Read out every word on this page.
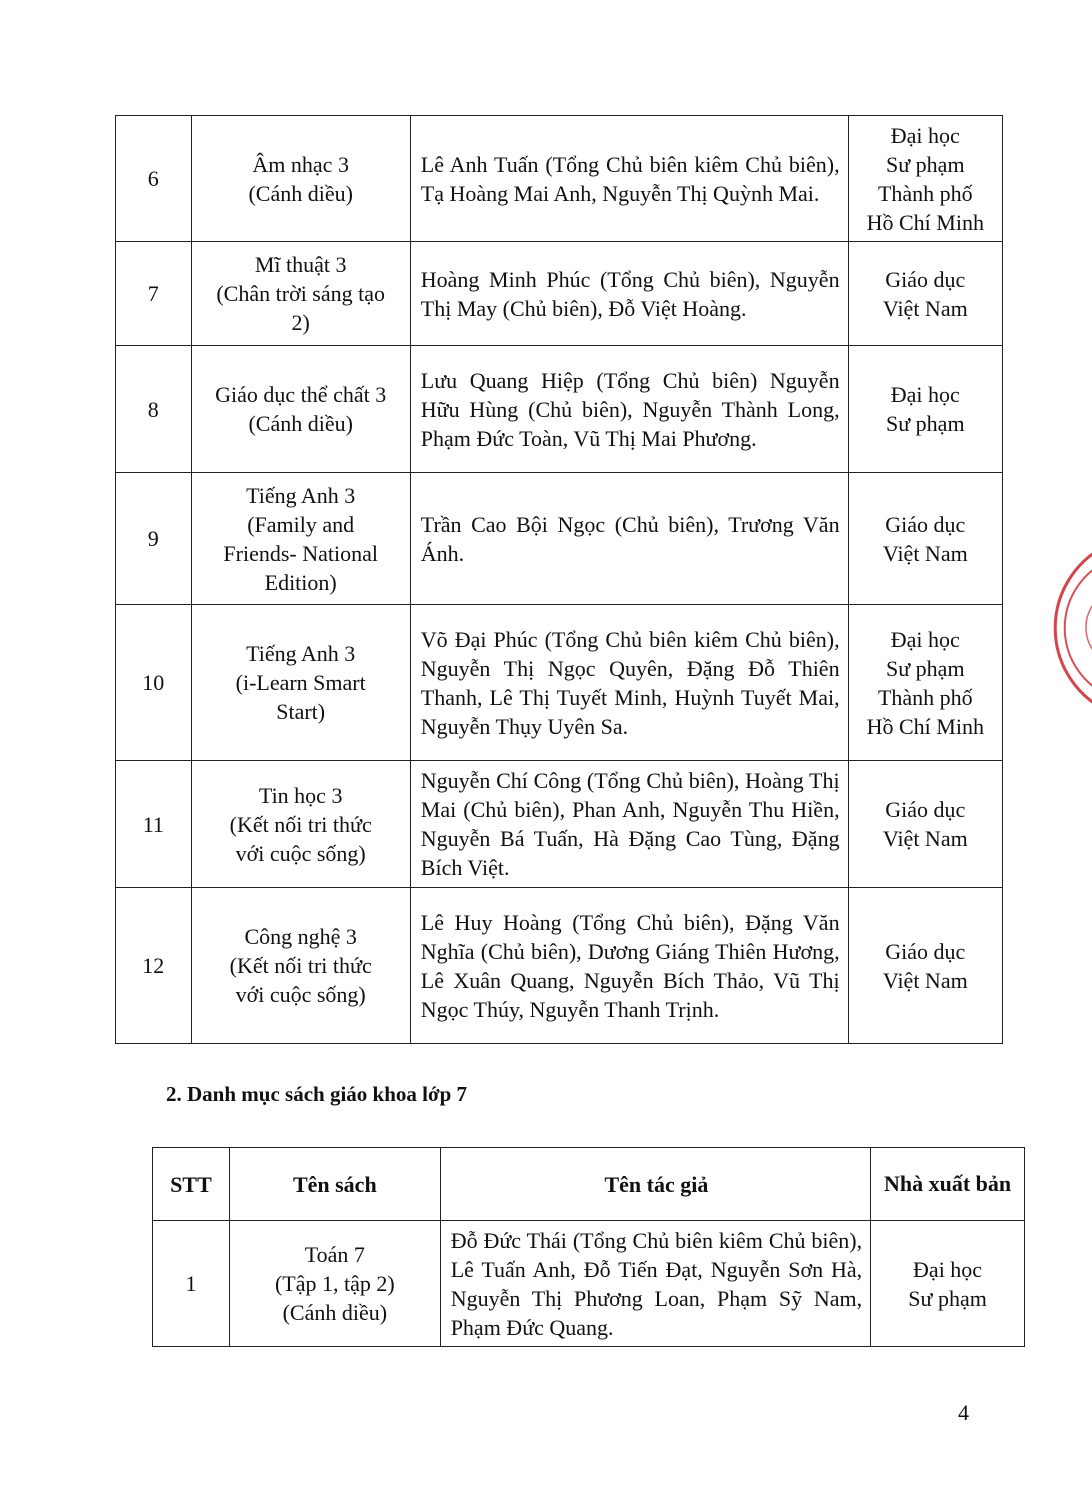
6	Âm nhạc 3
(Cánh diều)	Lê Anh Tuấn (Tổng Chủ biên kiêm Chủ biên), Tạ Hoàng Mai Anh, Nguyễn Thị Quỳnh Mai.	Đại học
Sư phạm
Thành phố
Hồ Chí Minh

7	Mĩ thuật 3
(Chân trời sáng tạo
2)	Hoàng Minh Phúc (Tổng Chủ biên), Nguyễn Thị May (Chủ biên), Đỗ Việt Hoàng.	Giáo dục
Việt Nam

8	Giáo dục thể chất 3
(Cánh diều)	Lưu Quang Hiệp (Tổng Chủ biên) Nguyễn Hữu Hùng (Chủ biên), Nguyễn Thành Long, Phạm Đức Toàn, Vũ Thị Mai Phương.	Đại học
Sư phạm

9	Tiếng Anh 3
(Family and
Friends- National
Edition)	Trần Cao Bội Ngọc (Chủ biên), Trương Văn Ánh.	Giáo dục
Việt Nam

10	Tiếng Anh 3
(i-Learn Smart
Start)	Võ Đại Phúc (Tổng Chủ biên kiêm Chủ biên), Nguyễn Thị Ngọc Quyên, Đặng Đỗ Thiên Thanh, Lê Thị Tuyết Minh, Huỳnh Tuyết Mai, Nguyễn Thụy Uyên Sa.	Đại học
Sư phạm
Thành phố
Hồ Chí Minh

11	Tin học 3
(Kết nối tri thức
với cuộc sống)	Nguyễn Chí Công (Tổng Chủ biên), Hoàng Thị Mai (Chủ biên), Phan Anh, Nguyễn Thu Hiền, Nguyễn Bá Tuấn, Hà Đặng Cao Tùng, Đặng Bích Việt.	Giáo dục
Việt Nam

12	Công nghệ 3
(Kết nối tri thức
với cuộc sống)	Lê Huy Hoàng (Tổng Chủ biên), Đặng Văn Nghĩa (Chủ biên), Dương Giáng Thiên Hương, Lê Xuân Quang, Nguyễn Bích Thảo, Vũ Thị Ngọc Thúy, Nguyễn Thanh Trịnh.	Giáo dục
Việt Nam
2. Danh mục sách giáo khoa lớp 7
STT	Tên sách	Tên tác giả	Nhà xuất bản
1	Toán 7
(Tập 1, tập 2)
(Cánh diều)	Đỗ Đức Thái (Tổng Chủ biên kiêm Chủ biên), Lê Tuấn Anh, Đỗ Tiến Đạt, Nguyễn Sơn Hà, Nguyễn Thị Phương Loan, Phạm Sỹ Nam, Phạm Đức Quang.	Đại học
Sư phạm
4
